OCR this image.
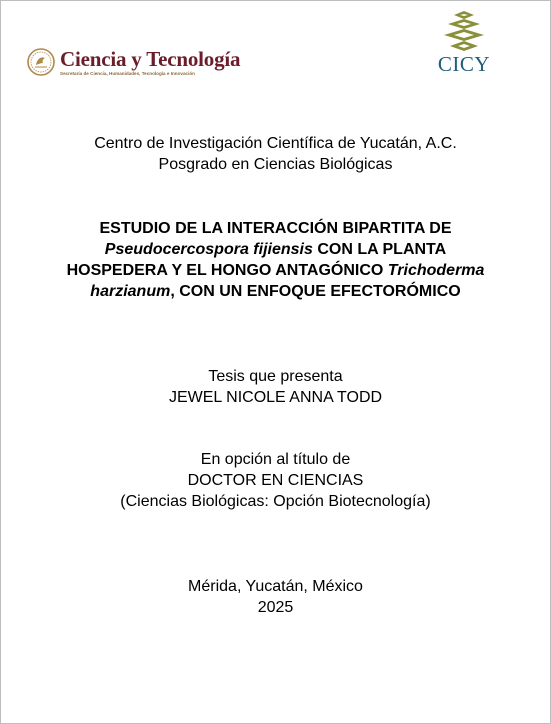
Ciencia y Tecnología
Secretaría de Ciencia, Humanidades, Tecnología e Innovación	CICY
Centro de Investigación Científica de Yucatán, A.C.
Posgrado en Ciencias Biológicas
ESTUDIO DE LA INTERACCIÓN BIPARTITA DE
Pseudocercospora fijiensis CON LA PLANTA
HOSPEDERA Y EL HONGO ANTAGÓNICO Trichoderma
harzianum, CON UN ENFOQUE EFECTORÓMICO
Tesis que presenta
JEWEL NICOLE ANNA TODD
En opción al título de
DOCTOR EN CIENCIAS
(Ciencias Biológicas: Opción Biotecnología)
Mérida, Yucatán, México
2025
